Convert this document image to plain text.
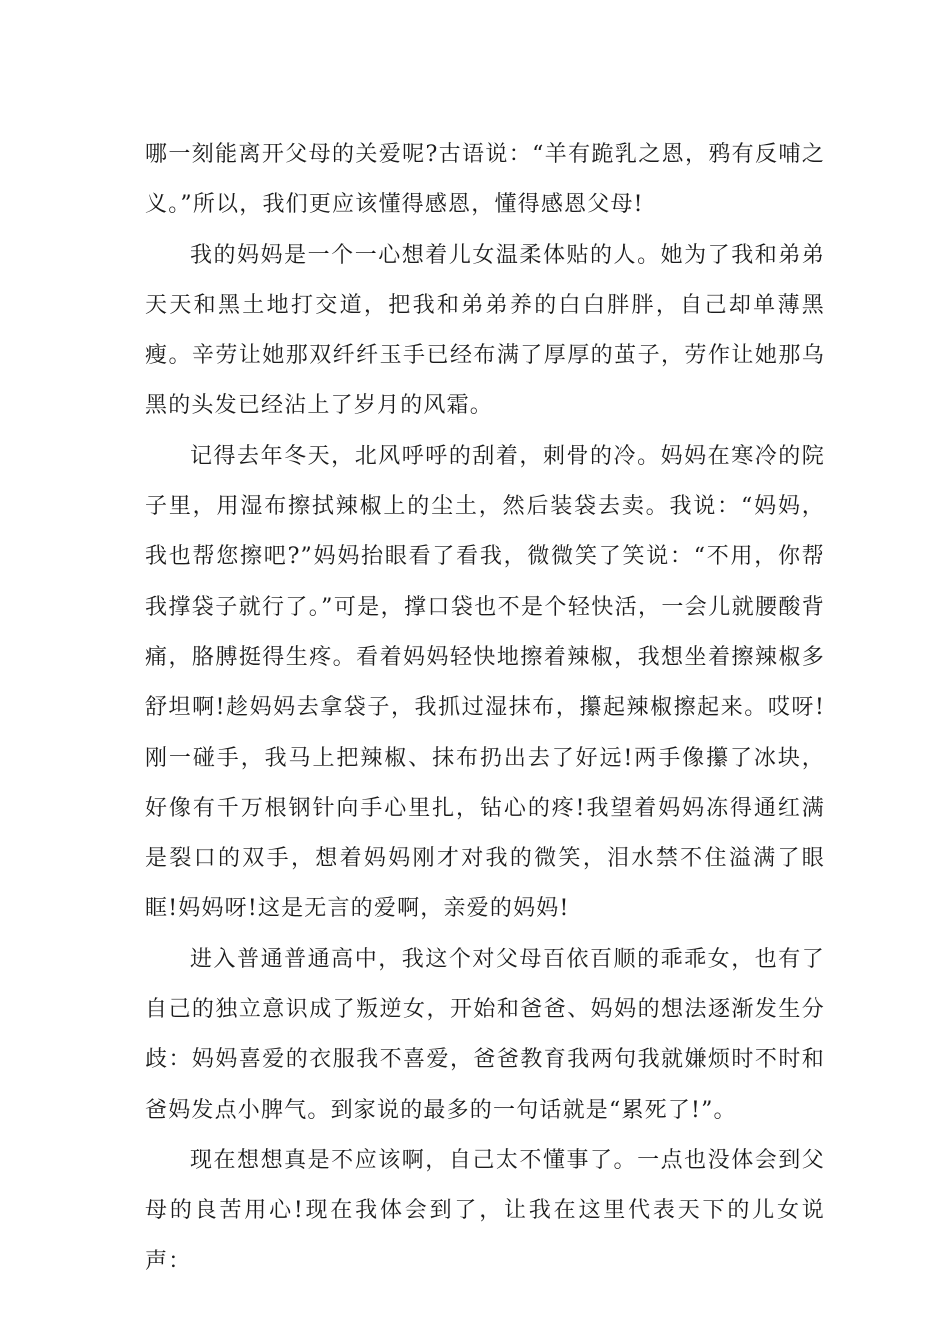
哪一刻能离开父母的关爱呢?古语说：“羊有跪乳之恩，鸦有反哺之义。”所以，我们更应该懂得感恩，懂得感恩父母!

我的妈妈是一个一心想着儿女温柔体贴的人。她为了我和弟弟天天和黑土地打交道，把我和弟弟养的白白胖胖，自己却单薄黑瘦。辛劳让她那双纤纤玉手已经布满了厚厚的茧子，劳作让她那乌黑的头发已经沾上了岁月的风霜。

记得去年冬天，北风呼呼的刮着，刺骨的冷。妈妈在寒冷的院子里，用湿布擦拭辣椒上的尘土，然后装袋去卖。我说：“妈妈，我也帮您擦吧?”妈妈抬眼看了看我，微微笑了笑说：“不用，你帮我撑袋子就行了。”可是，撑口袋也不是个轻快活，一会儿就腰酸背痛，胳膊挺得生疼。看着妈妈轻快地擦着辣椒，我想坐着擦辣椒多舒坦啊!趁妈妈去拿袋子，我抓过湿抹布，攥起辣椒擦起来。哎呀!刚一碰手，我马上把辣椒、抹布扔出去了好远!两手像攥了冰块，好像有千万根钢针向手心里扎，钻心的疼!我望着妈妈冻得通红满是裂口的双手，想着妈妈刚才对我的微笑，泪水禁不住溢满了眼眶!妈妈呀!这是无言的爱啊，亲爱的妈妈!

进入普通普通高中，我这个对父母百依百顺的乖乖女，也有了自己的独立意识成了叛逆女，开始和爸爸、妈妈的想法逐渐发生分歧：妈妈喜爱的衣服我不喜爱，爸爸教育我两句我就嫌烦时不时和爸妈发点小脾气。到家说的最多的一句话就是“累死了!”。

现在想想真是不应该啊，自己太不懂事了。一点也没体会到父母的良苦用心!现在我体会到了，让我在这里代表天下的儿女说声：
